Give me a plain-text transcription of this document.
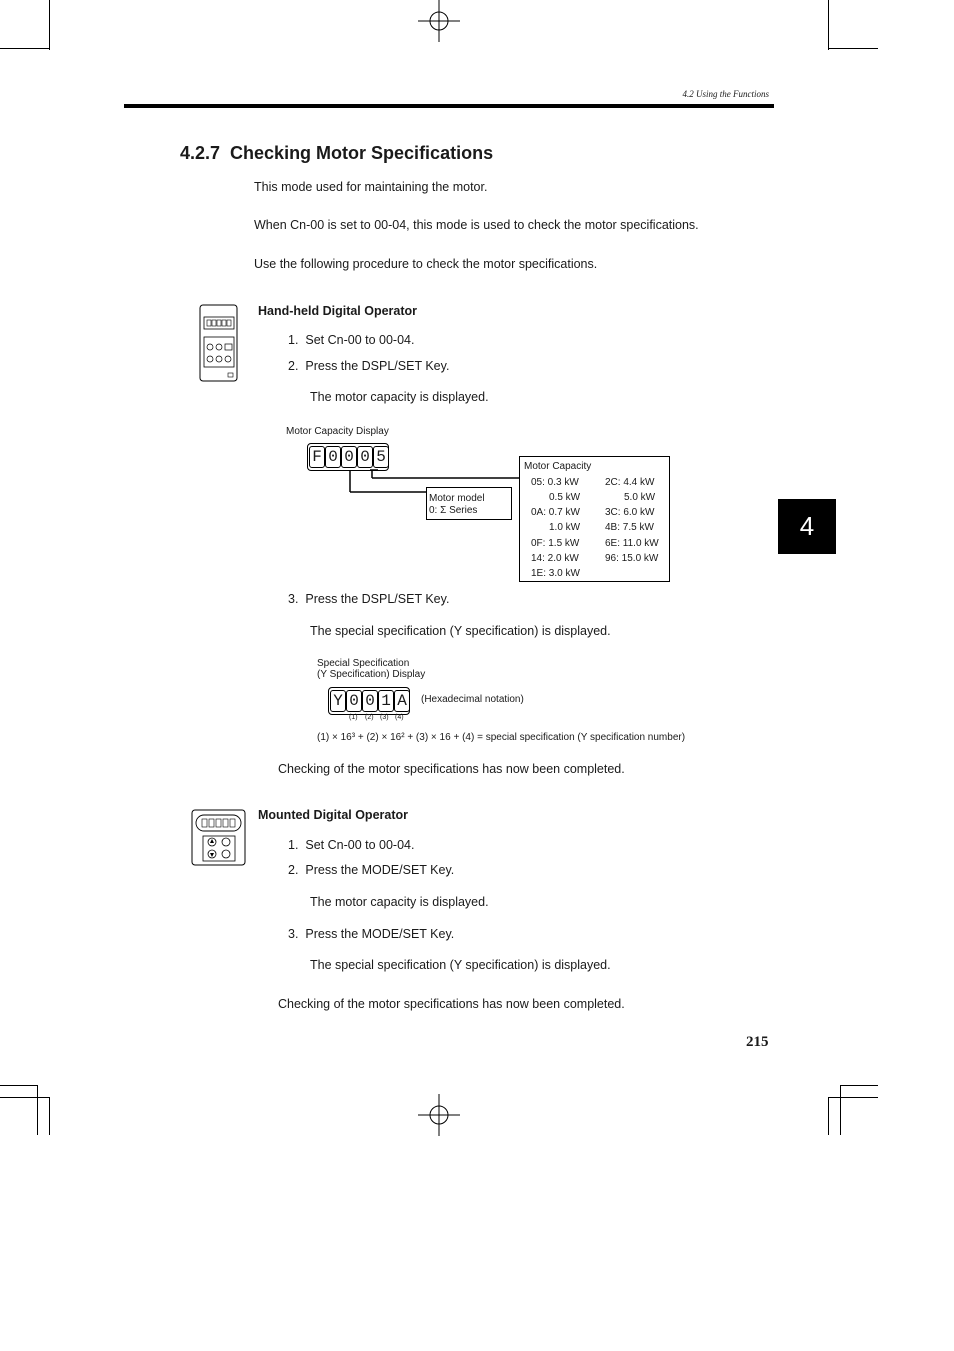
4.2 Using the Functions
4.2.7  Checking Motor Specifications
This mode used for maintaining the motor.
When Cn-00 is set to 00-04, this mode is used to check the motor specifications.
Use the following procedure to check the motor specifications.
Hand-held Digital Operator
1.  Set Cn-00 to 00-04.
2.  Press the DSPL/SET Key.
The motor capacity is displayed.
Motor Capacity Display
F 0 0 0 5
Motor model
0: Σ Series
Motor Capacity
05: 0.3 kW
0.5 kW
0A: 0.7 kW
1.0 kW
0F: 1.5 kW
14: 2.0 kW
1E: 3.0 kW
2C: 4.4 kW
5.0 kW
3C: 6.0 kW
4B: 7.5 kW
6E: 11.0 kW
96: 15.0 kW
3.  Press the DSPL/SET Key.
The special specification (Y specification) is displayed.
Special Specification
(Y Specification) Display
Y 0 0 1 A	(Hexadecimal notation)
(1) (2) (3) (4)
(1) × 16³ + (2) × 16² + (3) × 16 + (4) = special specification (Y specification number)
Checking of the motor specifications has now been completed.
Mounted Digital Operator
1.  Set Cn-00 to 00-04.
2.  Press the MODE/SET Key.
The motor capacity is displayed.
3.  Press the MODE/SET Key.
The special specification (Y specification) is displayed.
Checking of the motor specifications has now been completed.
4
215
